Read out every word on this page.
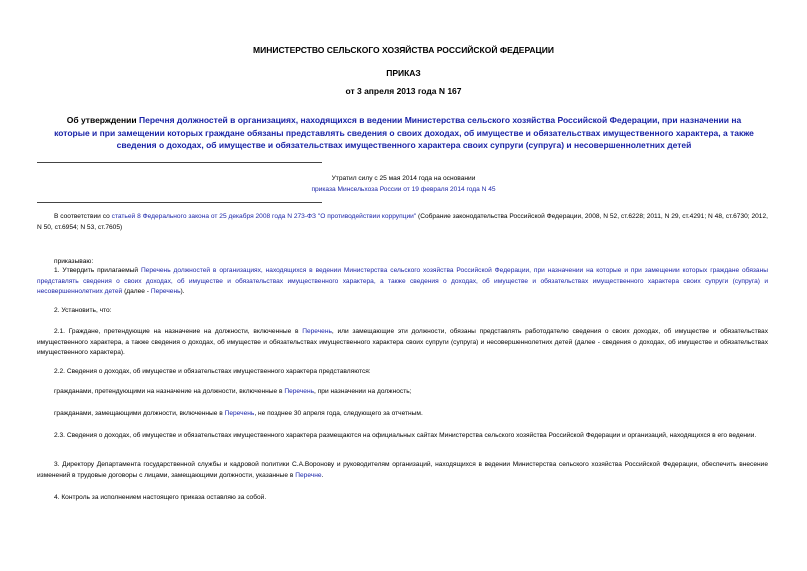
МИНИСТЕРСТВО СЕЛЬСКОГО ХОЗЯЙСТВА РОССИЙСКОЙ ФЕДЕРАЦИИ
ПРИКАЗ
от 3 апреля 2013 года N 167
Об утверждении Перечня должностей в организациях, находящихся в ведении Министерства сельского хозяйства Российской Федерации, при назначении на которые и при замещении которых граждане обязаны представлять сведения о своих доходах, об имуществе и обязательствах имущественного характера, а также сведения о доходах, об имуществе и обязательствах имущественного характера своих супруги (супруга) и несовершеннолетних детей
Утратил силу с 25 мая 2014 года на основании
приказа Минсельхоза России от 19 февраля 2014 года N 45
В соответствии со статьей 8 Федерального закона от 25 декабря 2008 года N 273-ФЗ "О противодействии коррупции" (Собрание законодательства Российской Федерации, 2008, N 52, ст.6228; 2011, N 29, ст.4291; N 48, ст.6730; 2012, N 50, ст.6954; N 53, ст.7605)
приказываю:
1. Утвердить прилагаемый Перечень должностей в организациях, находящихся в ведении Министерства сельского хозяйства Российской Федерации, при назначении на которые и при замещении которых граждане обязаны представлять сведения о своих доходах, об имуществе и обязательствах имущественного характера, а также сведения о доходах, об имуществе и обязательствах имущественного характера своих супруги (супруга) и несовершеннолетних детей (далее - Перечень).
2. Установить, что:
2.1. Граждане, претендующие на назначение на должности, включенные в Перечень, или замещающие эти должности, обязаны представлять работодателю сведения о своих доходах, об имуществе и обязательствах имущественного характера, а также сведения о доходах, об имуществе и обязательствах имущественного характера своих супруги (супруга) и несовершеннолетних детей (далее - сведения о доходах, об имуществе и обязательствах имущественного характера).
2.2. Сведения о доходах, об имуществе и обязательствах имущественного характера представляются:
гражданами, претендующими на назначение на должности, включенные в Перечень, при назначении на должность;
гражданами, замещающими должности, включенные в Перечень, не позднее 30 апреля года, следующего за отчетным.
2.3. Сведения о доходах, об имуществе и обязательствах имущественного характера размещаются на официальных сайтах Министерства сельского хозяйства Российской Федерации и организаций, находящихся в его ведении.
3. Директору Департамента государственной службы и кадровой политики С.А.Воронову и руководителям организаций, находящихся в ведении Министерства сельского хозяйства Российской Федерации, обеспечить внесение изменений в трудовые договоры с лицами, замещающими должности, указанные в Перечне.
4. Контроль за исполнением настоящего приказа оставляю за собой.
